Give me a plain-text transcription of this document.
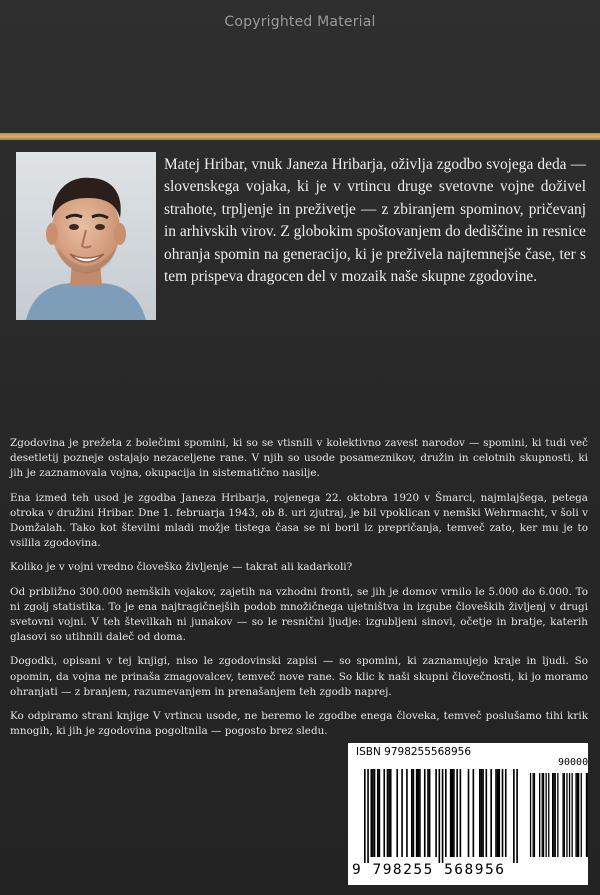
Copyrighted Material

Matej Hribar, vnuk Janeza Hribarja, oživlja zgodbo svojega deda — slovenskega vojaka, ki je v vrtincu druge svetovne vojne doživel strahote, trpljenje in preživetje — z zbiranjem spominov, pričevanj in arhivskih virov. Z globokim spoštovanjem do dediščine in resnice ohranja spomin na generacijo, ki je preživela najtemnejše čase, ter s tem prispeva dragocen del v mozaik naše skupne zgodovine.

Zgodovina je prežeta z bolečimi spomini, ki so se vtisnili v kolektivno zavest narodov — spomini, ki tudi več desetletij pozneje ostajajo nezaceljene rane. V njih so usode posameznikov, družin in celotnih skupnosti, ki jih je zaznamovala vojna, okupacija in sistematično nasilje.

Ena izmed teh usod je zgodba Janeza Hribarja, rojenega 22. oktobra 1920 v Šmarci, najmlajšega, petega otroka v družini Hribar. Dne 1. februarja 1943, ob 8. uri zjutraj, je bil vpoklican v nemški Wehrmacht, v šoli v Domžalah. Tako kot številni mladi možje tistega časa se ni boril iz prepričanja, temveč zato, ker mu je to vsilila zgodovina.

Koliko je v vojni vredno človeško življenje — takrat ali kadarkoli?

Od približno 300.000 nemških vojakov, zajetih na vzhodni fronti, se jih je domov vrnilo le 5.000 do 6.000. To ni zgolj statistika. To je ena najtragičnejših podob množičnega ujetništva in izgube človeških življenj v drugi svetovni vojni. V teh številkah ni junakov — so le resnični ljudje: izgubljeni sinovi, očetje in bratje, katerih glasovi so utihnili daleč od doma.

Dogodki, opisani v tej knjigi, niso le zgodovinski zapisi — so spomini, ki zaznamujejo kraje in ljudi. So opomin, da vojna ne prinaša zmagovalcev, temveč nove rane. So klic k naši skupni človečnosti, ki jo moramo ohranjati — z branjem, razumevanjem in prenašanjem teh zgodb naprej.

Ko odpiramo strani knjige V vrtincu usode, ne beremo le zgodbe enega človeka, temveč poslušamo tihi krik mnogih, ki jih je zgodovina pogoltnila — pogosto brez sledu.

ISBN 9798255568956
90000
9 798255 568956
